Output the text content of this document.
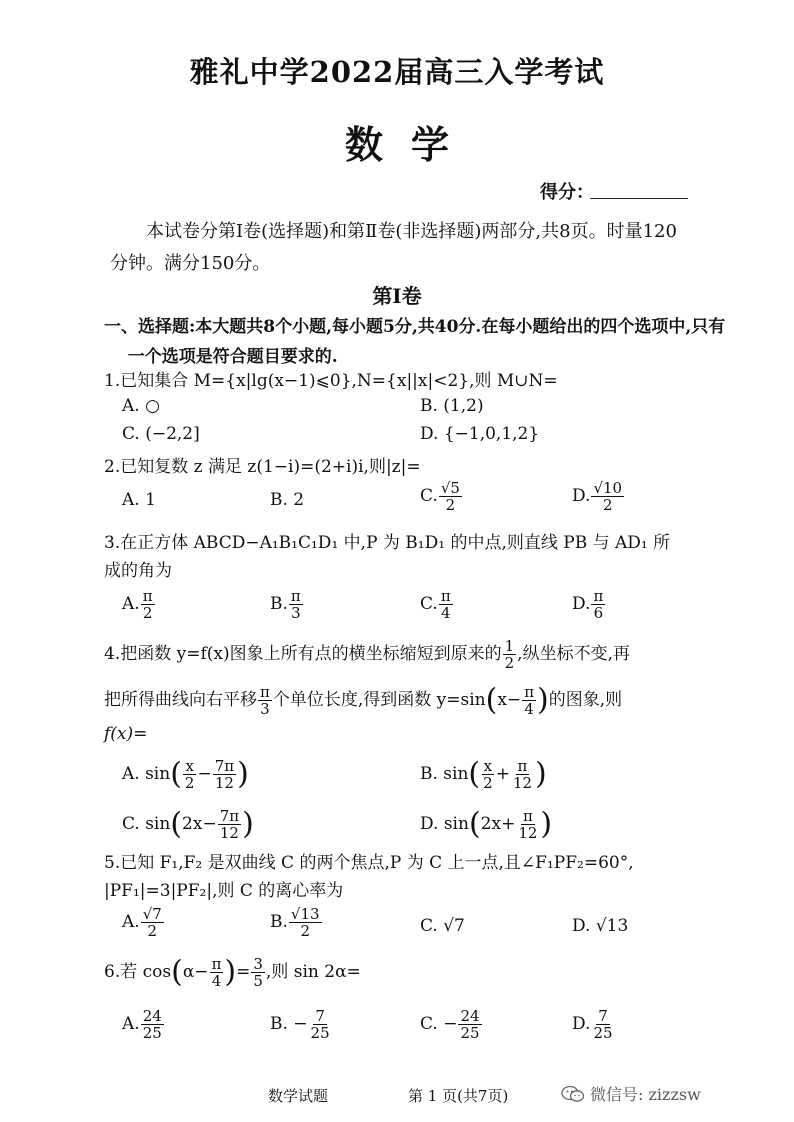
雅礼中学2022届高三入学考试
数学
得分：
本试卷分第Ⅰ卷(选择题)和第Ⅱ卷(非选择题)两部分,共8页。时量120分钟。满分150分。
第Ⅰ卷
一、选择题:本大题共8个小题,每小题5分,共40分.在每小题给出的四个选项中,只有一个选项是符合题目要求的.
1.已知集合 M={x|lg(x−1)⩽0},N={x||x|<2},则 M∪N=
A. ○	B. (1,2)
C. (−2,2]	D. {−1,0,1,2}
2.已知复数 z 满足 z(1−i)=(2+i)i,则|z|=
A. 1	B. 2	C. $\frac{√5}{2}$	D. $\frac{√10}{2}$
3.在正方体 ABCD−A₁B₁C₁D₁ 中,P 为 B₁D₁ 的中点,则直线 PB 与 AD₁ 所
成的角为
A. $\frac{\pi}{2}$	B. $\frac{\pi}{3}$	C. $\frac{\pi}{4}$	D. $\frac{\pi}{6}$
4.把函数 y=f(x)图象上所有点的横坐标缩短到原来的 $\frac{1}{2}$ ,纵坐标不变,再
把所得曲线向右平移 $\frac{\pi}{3}$ 个单位长度,得到函数 $y=\sin(x- \frac{\pi}{4}$ )的图象,则
f(x)=
A. $\sin( \frac{x}{2} - \frac{7\pi}{12}$ )	B. $\sin( \frac{x}{2} + \frac{\pi}{12}$ )
C. $\sin(2x- \frac{7\pi}{12}$ )	D. $\sin(2x+ \frac{\pi}{12}$ )
5.已知 F₁,F₂ 是双曲线 C 的两个焦点,P 为 C 上一点,且∠F₁PF₂=60°,
|PF₁|=3|PF₂|,则 C 的离心率为
A. $\frac{√7}{2}$	B. $\frac{√13}{2}$	C. √7	D. √13
6.若 $\cos(\alpha- \frac{\pi}{4}$ )= $\frac{3}{5}$ ,则 sin 2α=
A. $\frac{24}{25}$	B. − $\frac{7}{25}$	C. − $\frac{24}{25}$	D. $\frac{7}{25}$
数学试题	第 1 页(共7页)	微信号: zizzsw
